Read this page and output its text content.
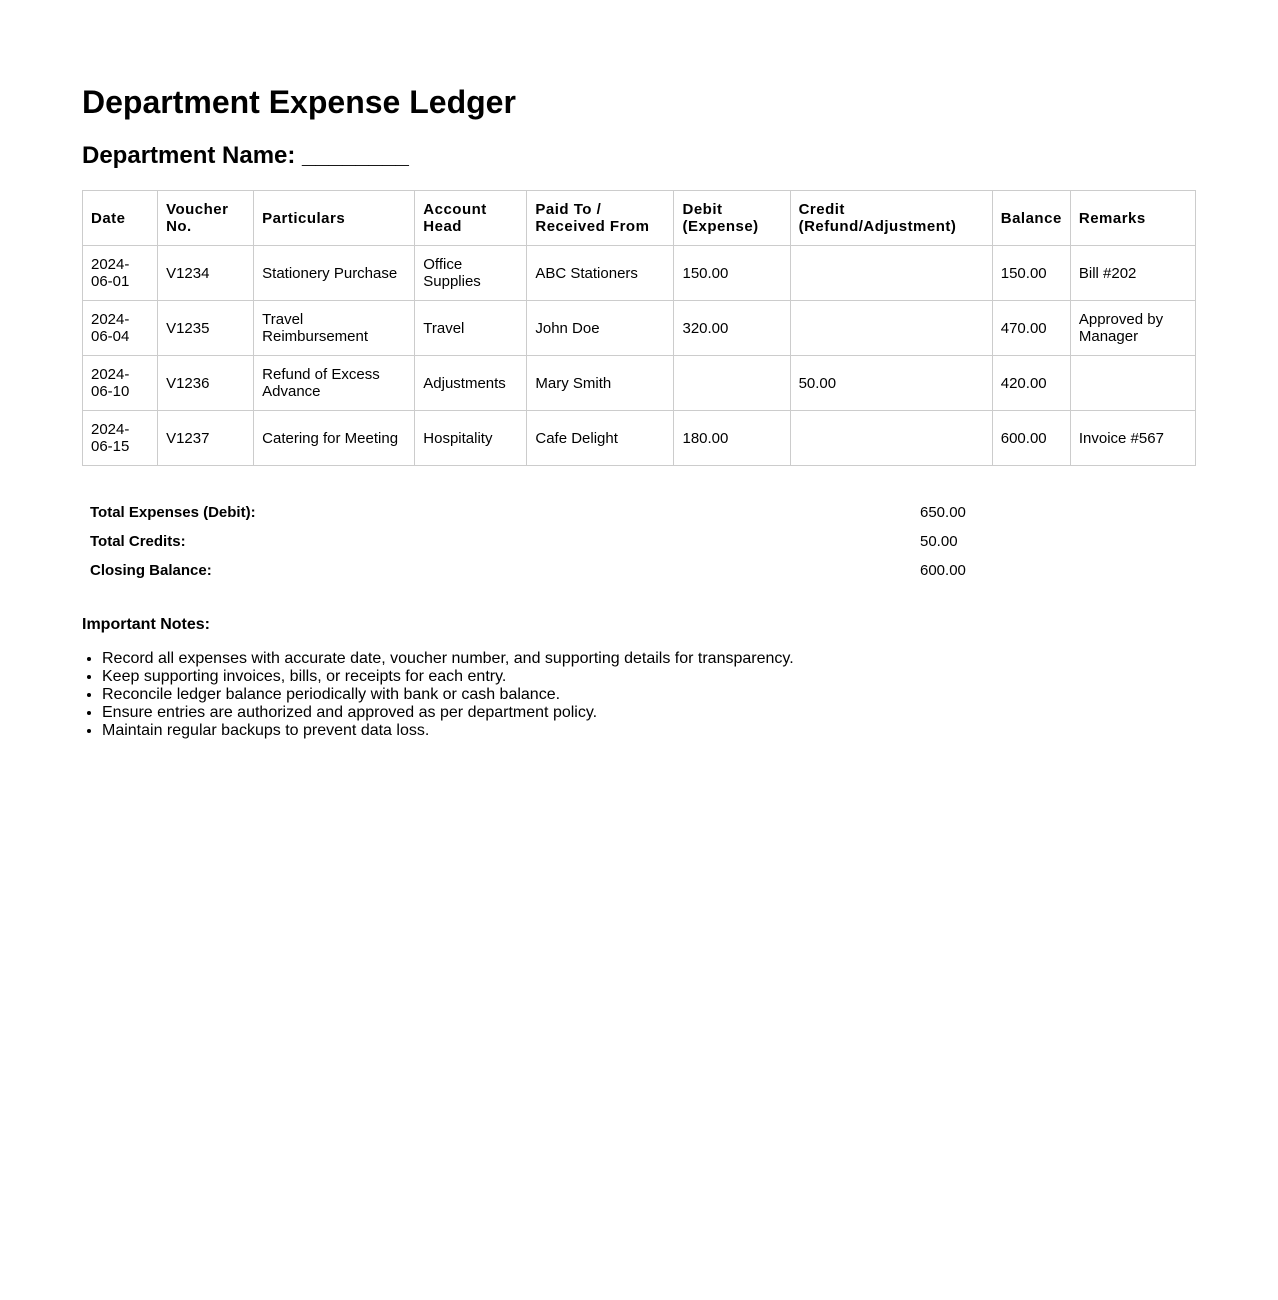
Department Expense Ledger
Department Name: ________
Date	Voucher No.	Particulars	Account Head	Paid To / Received From	Debit (Expense)	Credit (Refund/Adjustment)	Balance	Remarks
2024-06-01	V1234	Stationery Purchase	Office Supplies	ABC Stationers	150.00		150.00	Bill #202
2024-06-04	V1235	Travel Reimbursement	Travel	John Doe	320.00		470.00	Approved by Manager
2024-06-10	V1236	Refund of Excess Advance	Adjustments	Mary Smith		50.00	420.00	
2024-06-15	V1237	Catering for Meeting	Hospitality	Cafe Delight	180.00		600.00	Invoice #567
Total Expenses (Debit):	650.00
Total Credits:	50.00
Closing Balance:	600.00

Important Notes:

• Record all expenses with accurate date, voucher number, and supporting details for transparency.
• Keep supporting invoices, bills, or receipts for each entry.
• Reconcile ledger balance periodically with bank or cash balance.
• Ensure entries are authorized and approved as per department policy.
• Maintain regular backups to prevent data loss.
